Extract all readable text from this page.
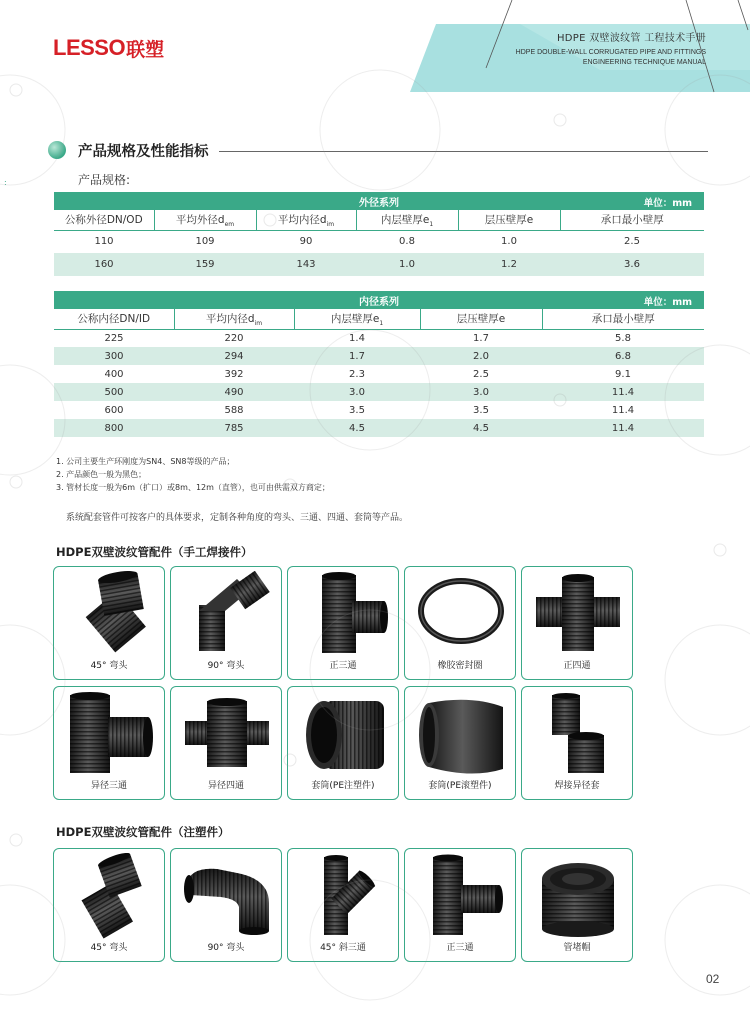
LESSO 联塑	HDPE 双壁波纹管 工程技术手册
HDPE DOUBLE-WALL CORRUGATED PIPE AND FITTINGS
ENGINEERING TECHNIQUE MANUAL
:
产品规格及性能指标
产品规格:
外径系列 单位：mm					

公称外径DN/OD	平均外径$d_{em}$	平均内径$d_{im}$	内层壁厚$e_1$	层压壁厚e	承口最小壁厚
110	109	90	0.8	1.0	2.5
160	159	143	1.0	1.2	3.6
内径系列 单位：mm				

公称内径DN/ID	平均内径$d_{im}$	内层壁厚$e_1$	层压壁厚e	承口最小壁厚
225	220	1.4	1.7	5.8
300	294	1.7	2.0	6.8
400	392	2.3	2.5	9.1
500	490	3.0	3.0	11.4
600	588	3.5	3.5	11.4
800	785	4.5	4.5	11.4

1. 公司主要生产环刚度为SN4、SN8等级的产品；

2. 产品颜色一般为黑色；

3. 管材长度一般为6m（扩口）或8m、12m（直管），也可由供需双方商定；

系统配套管件可按客户的具体要求，定制各种角度的弯头、三通、四通、套筒等产品。
HDPE双壁波纹管配件（手工焊接件）
HDPE双壁波纹管配件（注塑件）
45° 弯头	90° 弯头	正三通	橡胶密封圈	正四通
异径三通	异径四通	套筒(PE注塑件)	套筒(PE滚塑件)	焊接异径套
45° 弯头	90° 弯头	45° 斜三通	正三通	管堵帽
02
